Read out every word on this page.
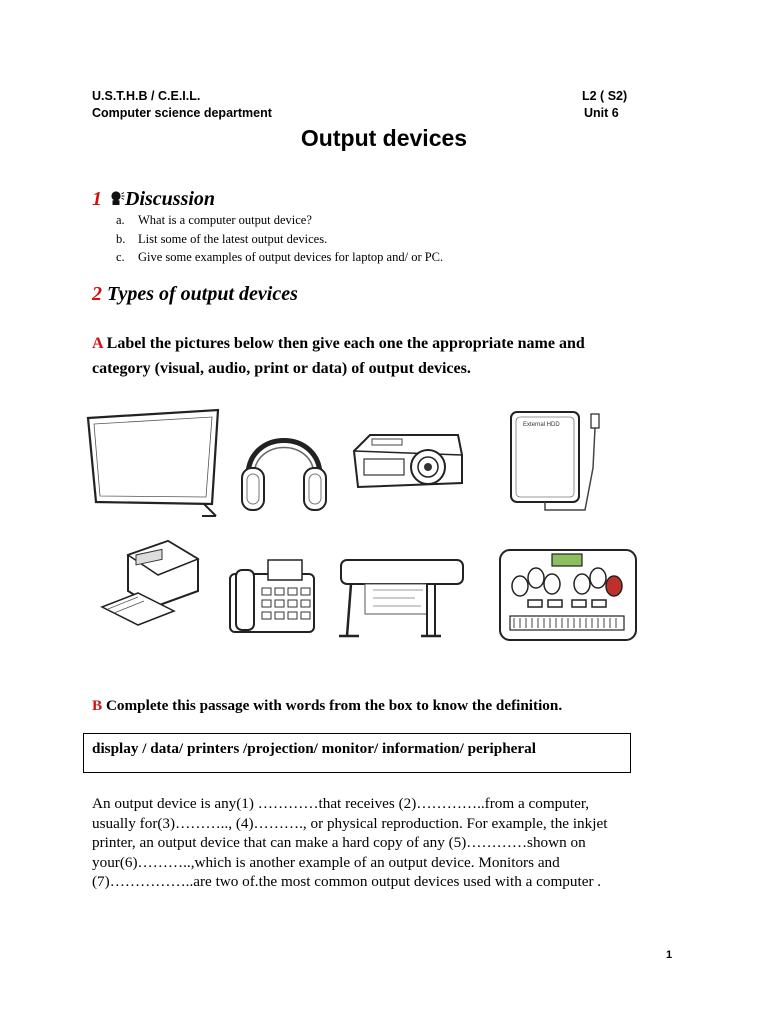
U.S.T.H.B / C.E.I.L.
Computer science department
L2 ( S2)
Unit 6
Output devices
1 Discussion
a. What is a computer output device?
b. List some of the latest output devices.
c. Give some examples of output devices for laptop and/ or PC.
2 Types of output devices
A Label the pictures below then give each one the appropriate name and
category (visual, audio, print or data) of output devices.
External HDD
B Complete this passage with words from the box to know the definition.
display / data/ printers /projection/ monitor/ information/ peripheral
An output device is any(1) …………that receives (2)…………..from a computer,
usually for(3)……….., (4)………., or physical reproduction. For example, the inkjet
printer, an output device that can make a hard copy of any (5)…………shown on
your(6)………..,which is another example of an output device. Monitors and
(7)……………..are two of.the most common output devices used with a computer .
1
